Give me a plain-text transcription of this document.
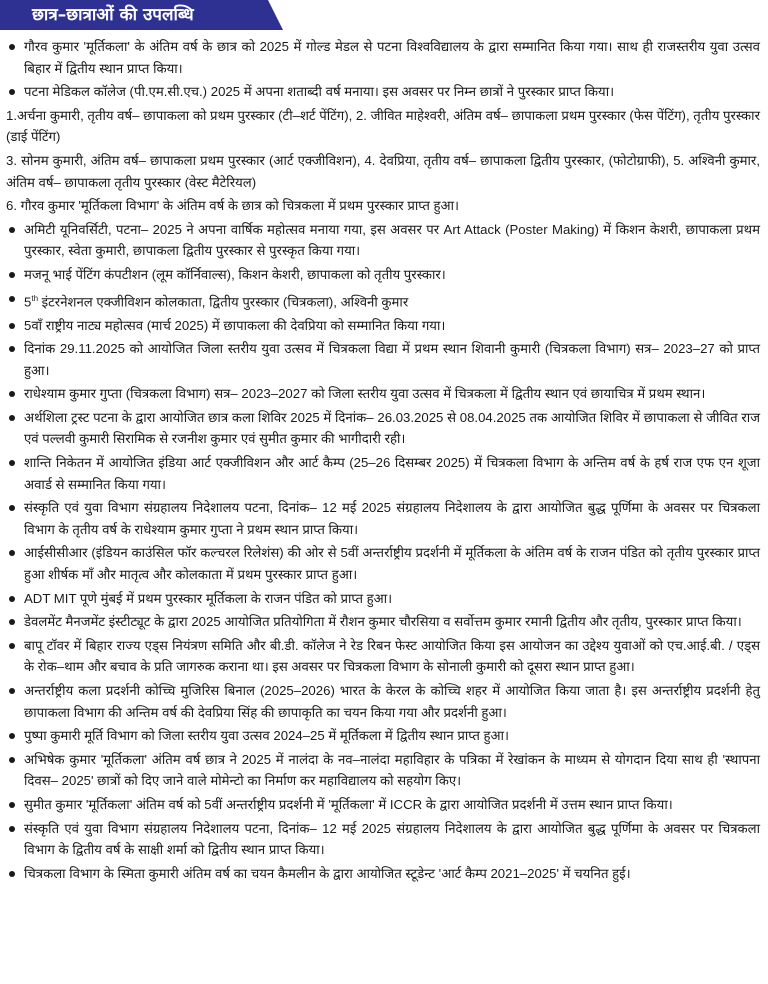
छात्र–छात्राओं की उपलब्धि
गौरव कुमार 'मूर्तिकला' के अंतिम वर्ष के छात्र को 2025 में गोल्ड मेडल से पटना विश्वविद्यालय के द्वारा सम्मानित किया गया। साथ ही राजस्तरीय युवा उत्सव बिहार में द्वितीय स्थान प्राप्त किया।
पटना मेडिकल कॉलेज (पी.एम.सी.एच.) 2025 में अपना शताब्दी वर्ष मनाया। इस अवसर पर निम्न छात्रों ने पुरस्कार प्राप्त किया।
1.अर्चना कुमारी, तृतीय वर्ष– छापाकला को प्रथम पुरस्कार (टी–शर्ट पेंटिंग), 2. जीवित माहेश्वरी, अंतिम वर्ष– छापाकला प्रथम पुरस्कार (फेस पेंटिंग), तृतीय पुरस्कार (डाई पेंटिंग)
3. सोनम कुमारी, अंतिम वर्ष– छापाकला प्रथम पुरस्कार (आर्ट एक्जीविशन), 4. देवप्रिया, तृतीय वर्ष– छापाकला द्वितीय पुरस्कार, (फोटोग्राफी), 5. अश्विनी कुमार, अंतिम वर्ष– छापाकला तृतीय पुरस्कार (वेस्ट मैटेरियल)
6. गौरव कुमार 'मूर्तिकला विभाग' के अंतिम वर्ष के छात्र को चित्रकला में प्रथम पुरस्कार प्राप्त हुआ।
अमिटी यूनिवर्सिटी, पटना– 2025 ने अपना वार्षिक महोत्सव मनाया गया, इस अवसर पर Art Attack (Poster Making) में किशन केशरी, छापाकला प्रथम पुरस्कार, स्वेता कुमारी, छापाकला द्वितीय पुरस्कार से पुरस्कृत किया गया।
मजनू भाई पेंटिंग कंपटीशन (लूम कॉर्निवाल्स), किशन केशरी, छापाकला को तृतीय पुरस्कार।
5th इंटरनेशनल एक्जीविशन कोलकाता, द्वितीय पुरस्कार (चित्रकला), अश्विनी कुमार
5वाँ राष्ट्रीय नाट्य महोत्सव (मार्च 2025) में छापाकला की देवप्रिया को सम्मानित किया गया।
दिनांक 29.11.2025 को आयोजित जिला स्तरीय युवा उत्सव में चित्रकला विद्या में प्रथम स्थान शिवानी कुमारी (चित्रकला विभाग) सत्र– 2023–27 को प्राप्त हुआ।
राधेश्याम कुमार गुप्ता (चित्रकला विभाग) सत्र– 2023–2027 को जिला स्तरीय युवा उत्सव में चित्रकला में द्वितीय स्थान एवं छायाचित्र में प्रथम स्थान।
अर्थशिला ट्रस्ट पटना के द्वारा आयोजित छात्र कला शिविर 2025 में दिनांक– 26.03.2025 से 08.04.2025 तक आयोजित शिविर में छापाकला से जीवित राज एवं पल्लवी कुमारी सिरामिक से रजनीश कुमार एवं सुमीत कुमार की भागीदारी रही।
शान्ति निकेतन में आयोजित इंडिया आर्ट एक्जीविशन और आर्ट कैम्प (25–26 दिसम्बर 2025) में चित्रकला विभाग के अन्तिम वर्ष के हर्ष राज एफ एन शूजा अवार्ड से सम्मानित किया गया।
संस्कृति एवं युवा विभाग संग्रहालय निदेशालय पटना, दिनांक– 12 मई 2025 संग्रहालय निदेशालय के द्वारा आयोजित बुद्ध पूर्णिमा के अवसर पर चित्रकला विभाग के तृतीय वर्ष के राधेश्याम कुमार गुप्ता ने प्रथम स्थान प्राप्त किया।
आईसीसीआर (इंडियन काउंसिल फॉर कल्चरल रिलेशंस) की ओर से 5वीं अन्तर्राष्ट्रीय प्रदर्शनी में मूर्तिकला के अंतिम वर्ष के राजन पंडित को तृतीय पुरस्कार प्राप्त हुआ शीर्षक माँ और मातृत्व और कोलकाता में प्रथम पुरस्कार प्राप्त हुआ।
ADT MIT पूणे मुंबई में प्रथम पुरस्कार मूर्तिकला के राजन पंडित को प्राप्त हुआ।
डेवलमेंट मैनजमेंट इंस्टीट्यूट के द्वारा 2025 आयोजित प्रतियोगिता में रौशन कुमार चौरसिया व सर्वोत्तम कुमार रमानी द्वितीय और तृतीय, पुरस्कार प्राप्त किया।
बापू टॉवर में बिहार राज्य एड्स नियंत्रण समिति और बी.डी. कॉलेज ने रेड रिबन फेस्ट आयोजित किया इस आयोजन का उद्देश्य युवाओं को एच.आई.बी. / एड्स के रोक–थाम और बचाव के प्रति जागरुक कराना था। इस अवसर पर चित्रकला विभाग के सोनाली कुमारी को दूसरा स्थान प्राप्त हुआ।
अन्तर्राष्ट्रीय कला प्रदर्शनी कोच्चि मुजिरिस बिनाल (2025–2026) भारत के केरल के कोच्चि शहर में आयोजित किया जाता है। इस अन्तर्राष्ट्रीय प्रदर्शनी हेतु छापाकला विभाग की अन्तिम वर्ष की देवप्रिया सिंह की छापाकृति का चयन किया गया और प्रदर्शनी हुआ।
पुष्पा कुमारी मूर्ति विभाग को जिला स्तरीय युवा उत्सव 2024–25 में मूर्तिकला में द्वितीय स्थान प्राप्त हुआ।
अभिषेक कुमार 'मूर्तिकला' अंतिम वर्ष छात्र ने 2025 में नालंदा के नव–नालंदा महाविहार के पत्रिका में रेखांकन के माध्यम से योगदान दिया साथ ही 'स्थापना दिवस– 2025' छात्रों को दिए जाने वाले मोमेन्टो का निर्माण कर महाविद्यालय को सहयोग किए।
सुमीत कुमार 'मूर्तिकला' अंतिम वर्ष को 5वीं अन्तर्राष्ट्रीय प्रदर्शनी में 'मूर्तिकला' में ICCR के द्वारा आयोजित प्रदर्शनी में उत्तम स्थान प्राप्त किया।
संस्कृति एवं युवा विभाग संग्रहालय निदेशालय पटना, दिनांक– 12 मई 2025 संग्रहालय निदेशालय के द्वारा आयोजित बुद्ध पूर्णिमा के अवसर पर चित्रकला विभाग के द्वितीय वर्ष के साक्षी शर्मा को द्वितीय स्थान प्राप्त किया।
चित्रकला विभाग के स्मिता कुमारी अंतिम वर्ष का चयन कैमलीन के द्वारा आयोजित स्टूडेन्ट 'आर्ट कैम्प 2021–2025' में चयनित हुई।
